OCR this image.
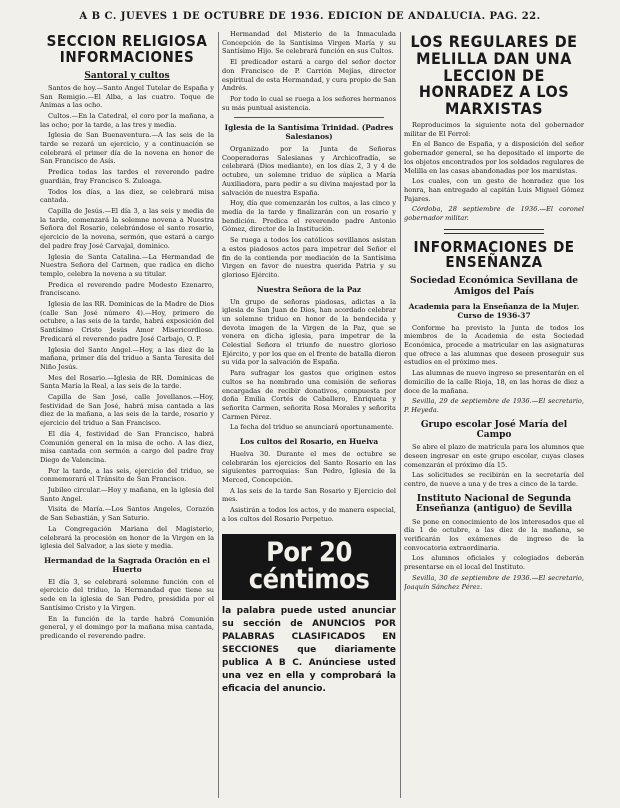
A B C. JUEVES 1 DE OCTUBRE DE 1936. EDICION DE ANDALUCIA. PAG. 22.
SECCION RELIGIOSA INFORMACIONES
Santoral y cultos

Santos de hoy.—Santo Angel Tutelar de España y San Remigio.—El Alba, a las cuatro. Toque de Animas a las ocho.

Cultos.—En la Catedral, el coro por la mañana, a las ocho; por la tarde, a las tres y media.

Iglesia de San Buenaventura.—A las seis de la tarde se rezará un ejercicio, y a continuación se celebrará el primer día de la novena en honor de San Francisco de Asís.

Predica todas las tardes el reverendo padre guardián, fray Francisco S. Zuloaga.

Todos los días, a las diez, se celebrará misa cantada.

Capilla de Jesús.—El día 3, a las seis y media de la tarde, comenzará la solemne novena a Nuestra Señora del Rosario, celebrándose el santo rosario, ejercicio de la novena, sermón, que estará a cargo del padre fray José Carvajal, dominico.

Iglesia de Santa Catalina.—La Hermandad de Nuestra Señora del Carmen, que radica en dicho templo, celebra la novena a su titular.

Predica el reverendo padre Modesto Ezenarro, franciscano.

Iglesia de las RR. Dominicas de la Madre de Dios (calle San José número 4).—Hoy, primero de octubre, a las seis de la tarde, habrá exposición del Santísimo Cristo Jesús Amor Misericordioso. Predicará el reverendo padre José Carbajo, O. P.

Iglesia del Santo Angel.—Hoy, a las diez de la mañana, primer día del triduo a Santa Teresita del Niño Jesús.

Mes del Rosario.—Iglesia de RR. Dominicas de Santa María la Real, a las seis de la tarde.

Capilla de San José, calle Jovellanos.—Hoy, festividad de San José, habrá misa cantada a las diez de la mañana, a las seis de la tarde, rosario y ejercicio del triduo a San Francisco.

El día 4, festividad de San Francisco, habrá Comunión general en la misa de ocho. A las diez, misa cantada con sermón a cargo del padre fray Diego de Valencina.

Por la tarde, a las seis, ejercicio del triduo, se conmemorará el Tránsito de San Francisco.

Jubileo circular.—Hoy y mañana, en la iglesia del Santo Angel.

Visita de María.—Los Santos Angeles, Corazón de San Sebastián, y San Saturio.

La Congregación Mariana del Magisterio, celebrará la procesión en honor de la Virgen en la iglesia del Salvador, a las siete y media.

Hermandad de la Sagrada Oración en el Huerto

El día 3, se celebrará solemne función con el ejercicio del triduo, la Hermandad que tiene su sede en la iglesia de San Pedro, presidida por el Santísimo Cristo y la Virgen.

En la función de la tarde habrá Comunión general, y el domingo por la mañana misa cantada, predicando el reverendo padre.

Hermandad del Misterio de la Inmaculada Concepción de la Santísima Virgen María y su Santísimo Hijo. Se celebrará función en sus Cultos.

El predicador estará a cargo del señor doctor don Francisco de P. Carrión Mejías, director espiritual de esta Hermandad, y cura propio de San Andrés.

Por todo lo cual se ruega a los señores hermanos su más puntual asistencia.

Iglesia de la Santísima Trinidad. (Padres Salesianos)

Organizado por la Junta de Señoras Cooperadoras Salesianas y Archicofradía, se celebrará (Dios mediante), en los días 2, 3 y 4 de octubre, un solemne triduo de súplica a María Auxiliadora, para pedir a su divina majestad por la salvación de nuestra España.

Hoy, día que comenzarán los cultos, a las cinco y media de la tarde y finalizarán con un rosario y bendición. Predica el reverendo padre Antonio Gómez, director de la Institución.

Se ruega a todos los católicos sevillanos asistan a estos piadosos actos para impetrar del Señor el fin de la contienda por mediación de la Santísima Virgen en favor de nuestra querida Patria y su glorioso Ejército.

Nuestra Señora de la Paz

Un grupo de señoras piadosas, adictas a la iglesia de San Juan de Dios, han acordado celebrar un solemne triduo en honor de la bendecida y devota imagen de la Virgen de la Paz, que se venera en dicha iglesia, para impetrar de la Celestial Señora el triunfo de nuestro glorioso Ejército, y por los que en el frente de batalla dieron su vida por la salvación de España.

Para sufragar los gastos que originen estos cultos se ha nombrado una comisión de señoras encargadas de recibir donativos, compuesta por doña Emilia Cortés de Caballero, Enriqueta y señorita Carmen, señorita Rosa Morales y señorita Carmen Pérez.

La fecha del triduo se anunciará oportunamente.

Los cultos del Rosario, en Huelva

Huelva 30. Durante el mes de octubre se celebrarán los ejercicios del Santo Rosario en las siguientes parroquias: San Pedro, Iglesia de la Merced, Concepción.

A las seis de la tarde San Rosario y Ejercicio del mes.

Asistirán a todos los actos, y de manera especial, a los cultos del Rosario Perpetuo.

Por 20 céntimos
la palabra puede usted anunciar su sección de ANUNCIOS POR PALABRAS CLASIFICADOS EN SECCIONES que diariamente publica A B C. Anúnciese usted una vez en ella y comprobará la eficacia del anuncio.
LOS REGULARES DE MELILLA DAN UNA LECCION DE HONRADEZ A LOS MARXISTAS

Reproducimos la siguiente nota del gobernador militar de El Ferrol:

En el Banco de España, y a disposición del señor gobernador general, se ha depositado el importe de los objetos encontrados por los soldados regulares de Melilla en las casas abandonadas por los marxistas.

Los cuales, con un gesto de honradez que los honra, han entregado al capitán Luis Miguel Gómez Pajares.

Córdoba, 28 septiembre de 1936.—El coronel gobernador militar.

INFORMACIONES DE ENSEÑANZA
Sociedad Económica Sevillana de Amigos del País
Academia para la Enseñanza de la Mujer. Curso de 1936-37

Conforme ha previsto la Junta de todos los miembros de la Academia de esta Sociedad Económica, procede a matricular en las asignaturas que ofrece a las alumnas que deseen proseguir sus estudios en el próximo mes.

Las alumnas de nuevo ingreso se presentarán en el domicilio de la calle Rioja, 18, en las horas de diez a doce de la mañana.

Sevilla, 29 de septiembre de 1936.—El secretario, P. Heyeda.

Grupo escolar José María del Campo

Se abre el plazo de matrícula para los alumnos que deseen ingresar en este grupo escolar, cuyas clases comenzarán el próximo día 15.

Las solicitudes se recibirán en la secretaría del centro, de nueve a una y de tres a cinco de la tarde.

Instituto Nacional de Segunda Enseñanza (antiguo) de Sevilla

Se pone en conocimiento de los interesados que el día 1 de octubre, a las diez de la mañana, se verificarán los exámenes de ingreso de la convocatoria extraordinaria.

Los alumnos oficiales y colegiados deberán presentarse en el local del Instituto.

Sevilla, 30 de septiembre de 1936.—El secretario, Joaquín Sánchez Pérez.
